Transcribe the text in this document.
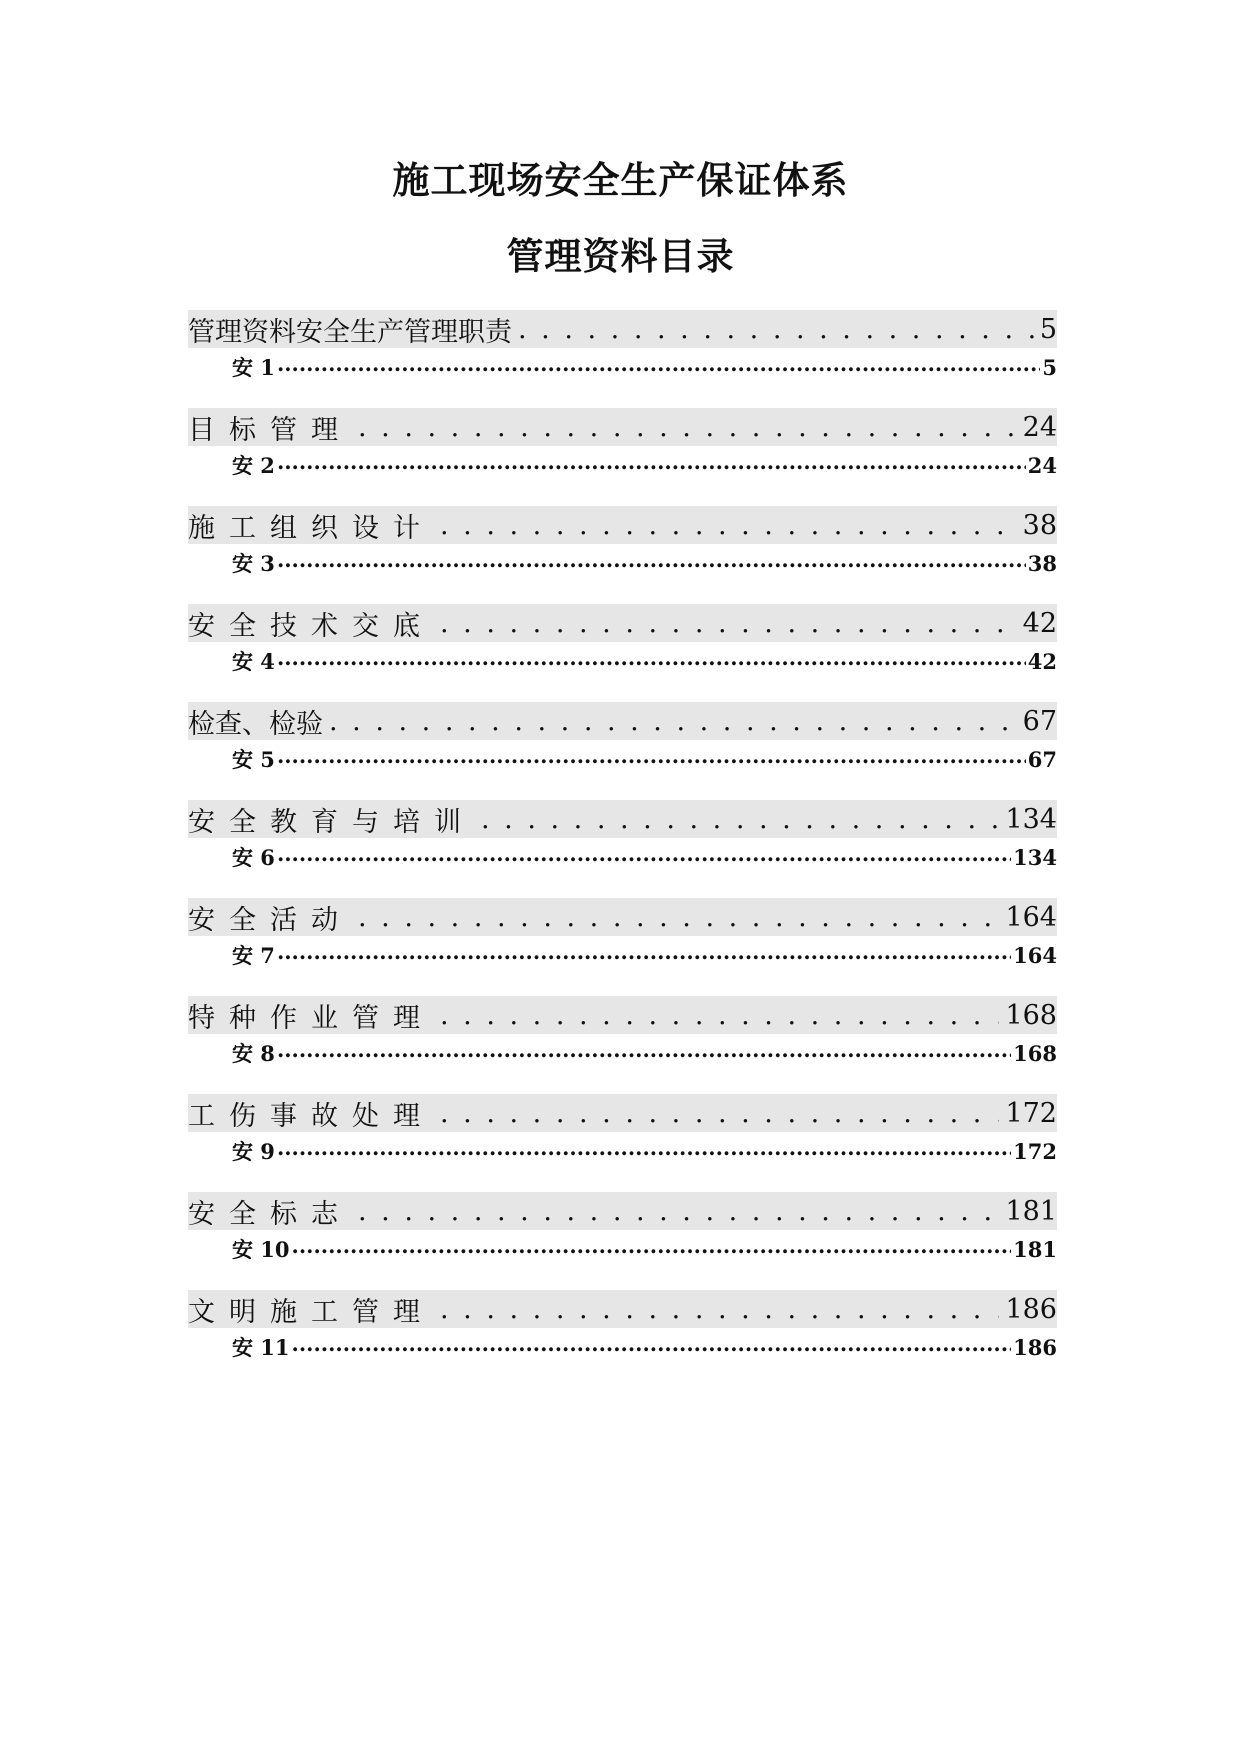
施工现场安全生产保证体系
管理资料目录
管理资料安全生产管理职责 . . .	5
安 1 .....	5
目标管理 . . .	24
安 2 .....	24
施工组织设计 . . .	38
安 3 .....	38
安全技术交底 . . .	42
安 4 .....	42
检查、检验 . . .	67
安 5 .....	67
安全教育与培训 . . .	134
安 6 .....	134
安全活动 . . .	164
安 7 .....	164
特种作业管理 . . .	168
安 8 .....	168
工伤事故处理 . . .	172
安 9 .....	172
安全标志 . . .	181
安 10 .....	181
文明施工管理 . . .	186
安 11 .....	186
